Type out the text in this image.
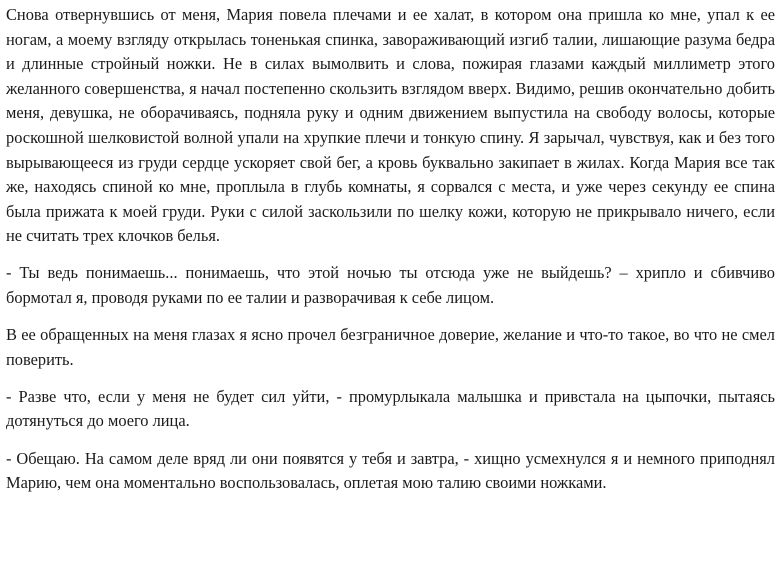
Снова отвернувшись от меня, Мария повела плечами и ее халат, в котором она пришла ко мне, упал к ее ногам, а моему взгляду открылась тоненькая спинка, завораживающий изгиб талии, лишающие разума бедра и длинные стройный ножки. Не в силах вымолвить и слова, пожирая глазами каждый миллиметр этого желанного совершенства, я начал постепенно скользить взглядом вверх. Видимо, решив окончательно добить меня, девушка, не оборачиваясь, подняла руку и одним движением выпустила на свободу волосы, которые роскошной шелковистой волной упали на хрупкие плечи и тонкую спину. Я зарычал, чувствуя, как и без того вырывающееся из груди сердце ускоряет свой бег, а кровь буквально закипает в жилах. Когда Мария все так же, находясь спиной ко мне, проплыла в глубь комнаты, я сорвался с места, и уже через секунду ее спина была прижата к моей груди. Руки с силой заскользили по шелку кожи, которую не прикрывало ничего, если не считать трех клочков белья.

- Ты ведь понимаешь... понимаешь, что этой ночью ты отсюда уже не выйдешь? – хрипло и сбивчиво бормотал я, проводя руками по ее талии и разворачивая к себе лицом.

В ее обращенных на меня глазах я ясно прочел безграничное доверие, желание и что-то такое, во что не смел поверить.

- Разве что, если у меня не будет сил уйти, - промурлыкала малышка и привстала на цыпочки, пытаясь дотянуться до моего лица.

- Обещаю. На самом деле вряд ли они появятся у тебя и завтра, - хищно усмехнулся я и немного приподнял Марию, чем она моментально воспользовалась, оплетая мою талию своими ножками.
